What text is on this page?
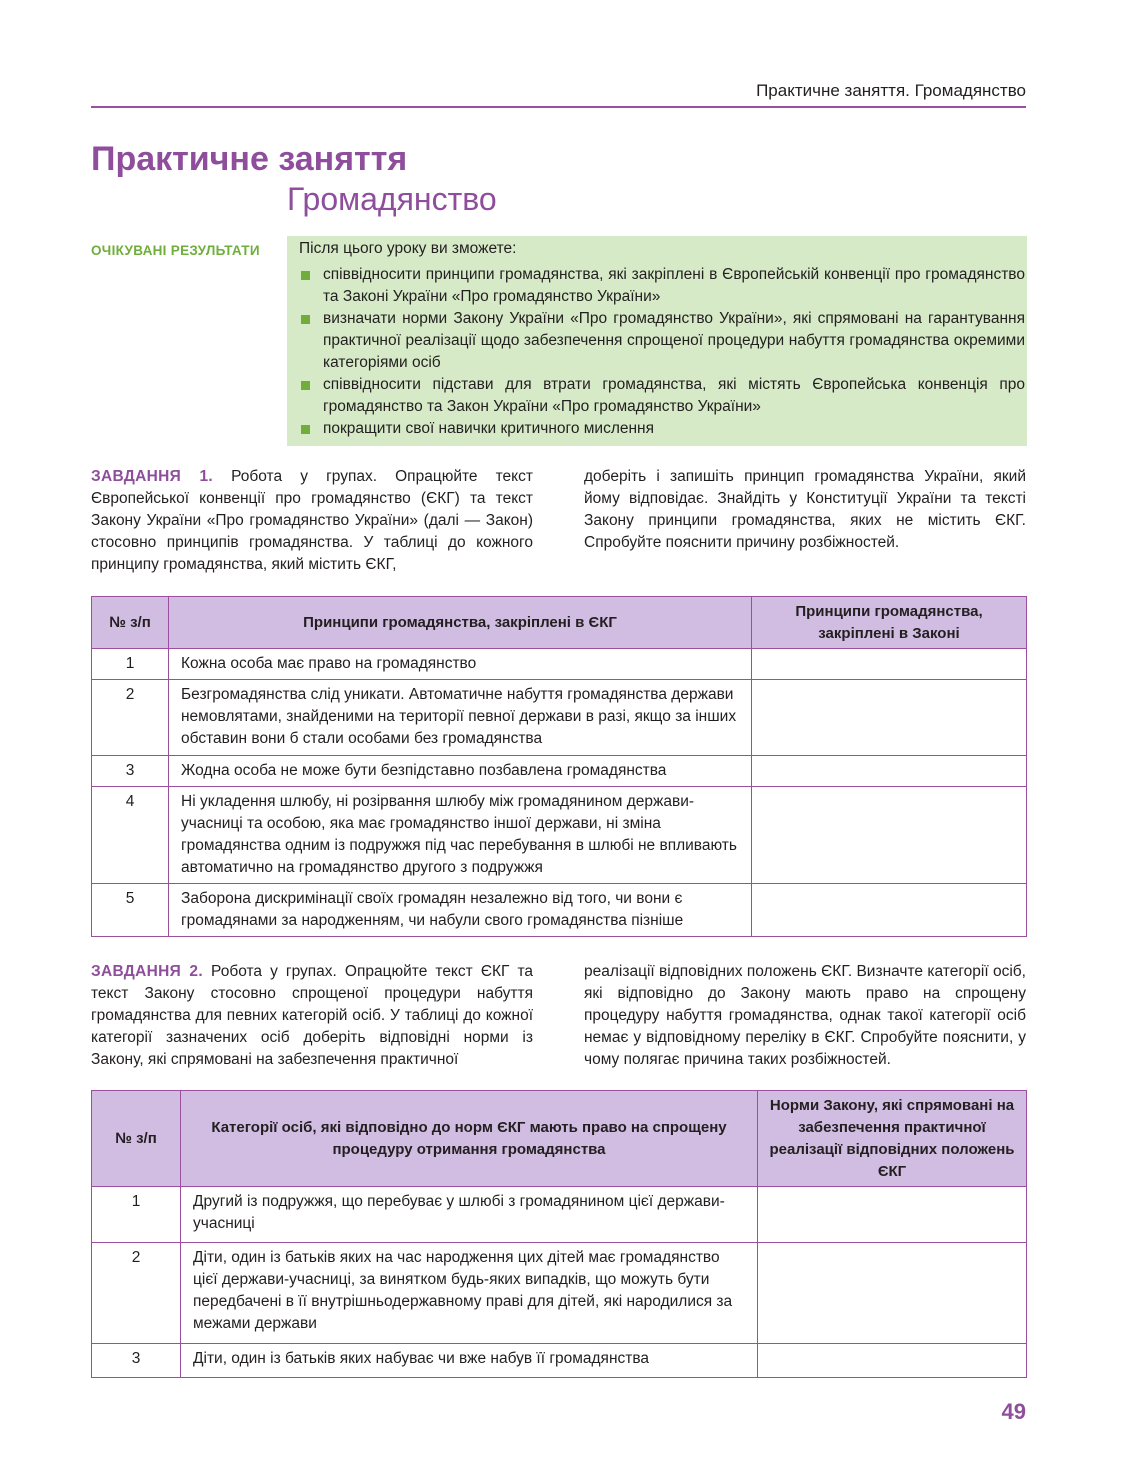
Практичне заняття. Громадянство
Практичне заняття
Громадянство
ОЧІКУВАНІ РЕЗУЛЬТАТИ	Після цього уроку ви зможете:
співвідносити принципи громадянства, які закріплені в Європейській конвенції про громадянство та Законі України «Про громадянство України»
визначати норми Закону України «Про громадянство України», які спрямовані на гарантування практичної реалізації щодо забезпечення спрощеної процедури набуття громадянства окремими категоріями осіб
співвідносити підстави для втрати громадянства, які містять Європейська конвенція про громадянство та Закон України «Про громадянство України»
покращити свої навички критичного мислення
ЗАВДАННЯ 1. Робота у групах. Опрацюйте текст Європейської конвенції про громадянство (ЄКГ) та текст Закону України «Про громадянство України» (далі — Закон) стосовно принципів громадянства. У таблиці до кожного принципу громадянства, який містить ЄКГ,
доберіть і запишіть принцип громадянства України, який йому відповідає. Знайдіть у Конституції України та тексті Закону принципи громадянства, яких не містить ЄКГ. Спробуйте пояснити причину розбіжностей.
№ з/п	Принципи громадянства, закріплені в ЄКГ	Принципи громадянства, закріплені в Законі
1	Кожна особа має право на громадянство	
2	Безгромадянства слід уникати. Автоматичне набуття громадянства держави немовлятами, знайденими на території певної держави в разі, якщо за інших обставин вони б стали особами без громадянства	
3	Жодна особа не може бути безпідставно позбавлена громадянства	
4	Ні укладення шлюбу, ні розірвання шлюбу між громадянином держави-учасниці та особою, яка має громадянство іншої держави, ні зміна громадянства одним із подружжя під час перебування в шлюбі не впливають автоматично на громадянство другого з подружжя	
5	Заборона дискримінації своїх громадян незалежно від того, чи вони є громадянами за народженням, чи набули свого громадянства пізніше	
ЗАВДАННЯ 2. Робота у групах. Опрацюйте текст ЄКГ та текст Закону стосовно спрощеної процедури набуття громадянства для певних категорій осіб. У таблиці до кожної категорії зазначених осіб доберіть відповідні норми із Закону, які спрямовані на забезпечення практичної
реалізації відповідних положень ЄКГ. Визначте категорії осіб, які відповідно до Закону мають право на спрощену процедуру набуття громадянства, однак такої категорії осіб немає у відповідному переліку в ЄКГ. Спробуйте пояснити, у чому полягає причина таких розбіжностей.
№ з/п	Категорії осіб, які відповідно до норм ЄКГ мають право на спрощену процедуру отримання громадянства	Норми Закону, які спрямовані на забезпечення практичної реалізації відповідних положень ЄКГ
1	Другий із подружжя, що перебуває у шлюбі з громадянином цієї держави-учасниці	
2	Діти, один із батьків яких на час народження цих дітей має громадянство цієї держави-учасниці, за винятком будь-яких випадків, що можуть бути передбачені в її внутрішньодержавному праві для дітей, які народилися за межами держави	
3	Діти, один із батьків яких набуває чи вже набув її громадянства	
49
